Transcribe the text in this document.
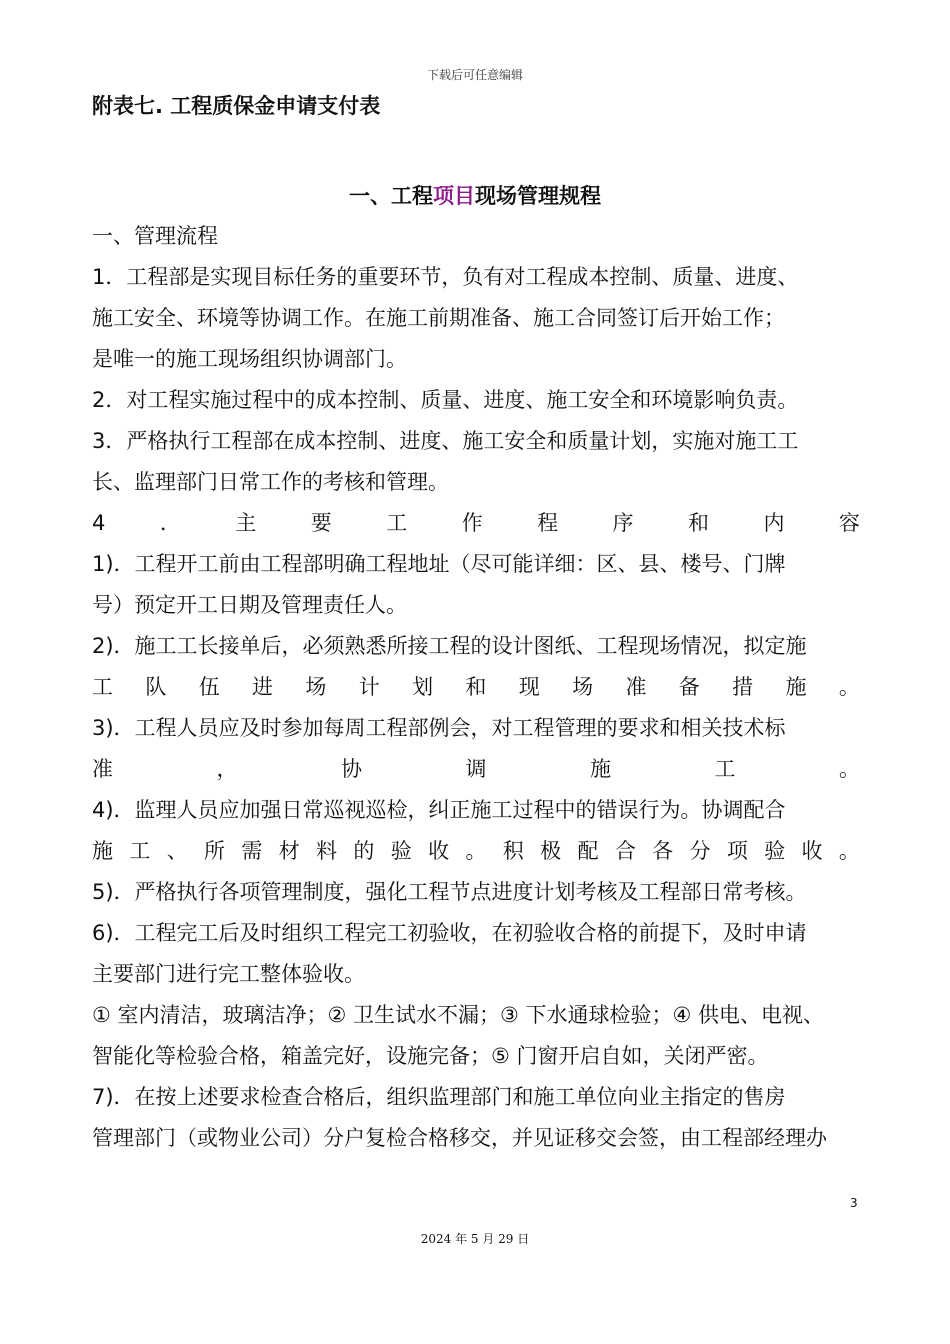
下载后可任意编辑
附表七. 工程质保金申请支付表
一、工程项目现场管理规程
一、管理流程
1．工程部是实现目标任务的重要环节，负有对工程成本控制、质量、进度、
施工安全、环境等协调工作。在施工前期准备、施工合同签订后开始工作；
是唯一的施工现场组织协调部门。
2．对工程实施过程中的成本控制、质量、进度、施工安全和环境影响负责。
3．严格执行工程部在成本控制、进度、施工安全和质量计划，实施对施工工
长、监理部门日常工作的考核和管理。
4	．	主	要	工	作	程	序	和	内	容
1)．工程开工前由工程部明确工程地址（尽可能详细：区、县、楼号、门牌
号）预定开工日期及管理责任人。
2)．施工工长接单后，必须熟悉所接工程的设计图纸、工程现场情况，拟定施
工 队 伍 进 场 计 划 和 现 场 准 备 措 施 。
3)．工程人员应及时参加每周工程部例会，对工程管理的要求和相关技术标
准	，	协	调	施	工	。
4)．监理人员应加强日常巡视巡检，纠正施工过程中的错误行为。协调配合
施 工 、 所 需 材 料 的 验 收 。 积 极 配 合 各 分 项 验 收 。
5)．严格执行各项管理制度，强化工程节点进度计划考核及工程部日常考核。
6)．工程完工后及时组织工程完工初验收，在初验收合格的前提下，及时申请
主要部门进行完工整体验收。
① 室内清洁，玻璃洁净；② 卫生试水不漏；③ 下水通球检验；④ 供电、电视、
智能化等检验合格，箱盖完好，设施完备；⑤ 门窗开启自如，关闭严密。
7)．在按上述要求检查合格后，组织监理部门和施工单位向业主指定的售房
管理部门（或物业公司）分户复检合格移交，并见证移交会签，由工程部经理办
3
2024 年 5 月 29 日
